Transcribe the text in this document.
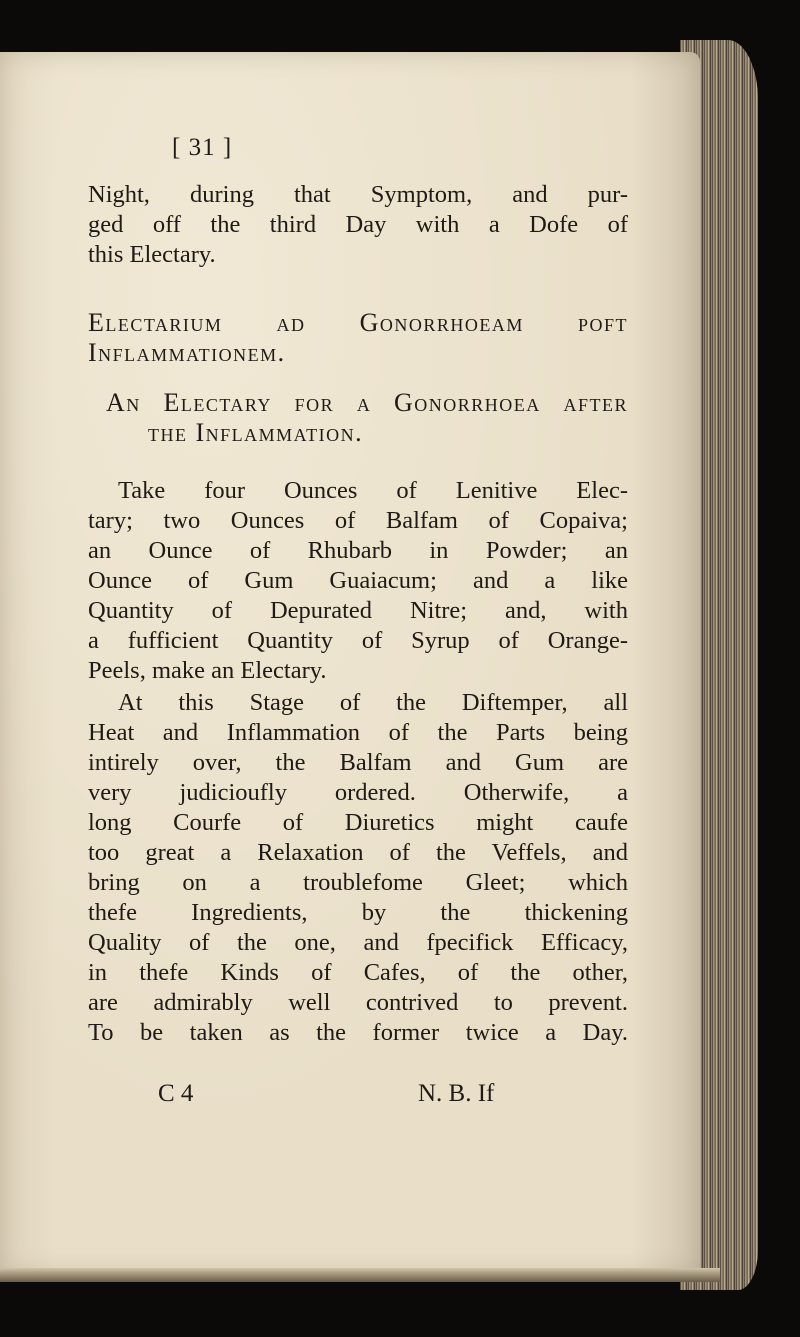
[ 31 ]
Night, during that Symptom, and pur-
ged off the third Day with a Dofe of
this Electary.
Electarium ad Gonorrhoeam poft
Inflammationem.
An Electary for a Gonorrhoea after
the Inflammation.
Take four Ounces of Lenitive Elec-
tary; two Ounces of Balfam of Copaiva;
an Ounce of Rhubarb in Powder; an
Ounce of Gum Guaiacum; and a like
Quantity of Depurated Nitre; and, with
a fufficient Quantity of Syrup of Orange-
Peels, make an Electary.
At this Stage of the Diftemper, all
Heat and Inflammation of the Parts being
intirely over, the Balfam and Gum are
very judicioufly ordered. Otherwife, a
long Courfe of Diuretics might caufe
too great a Relaxation of the Veffels, and
bring on a troublefome Gleet; which
thefe Ingredients, by the thickening
Quality of the one, and fpecifick Efficacy,
in thefe Kinds of Cafes, of the other,
are admirably well contrived to prevent.
To be taken as the former twice a Day.
C 4	N. B. If
